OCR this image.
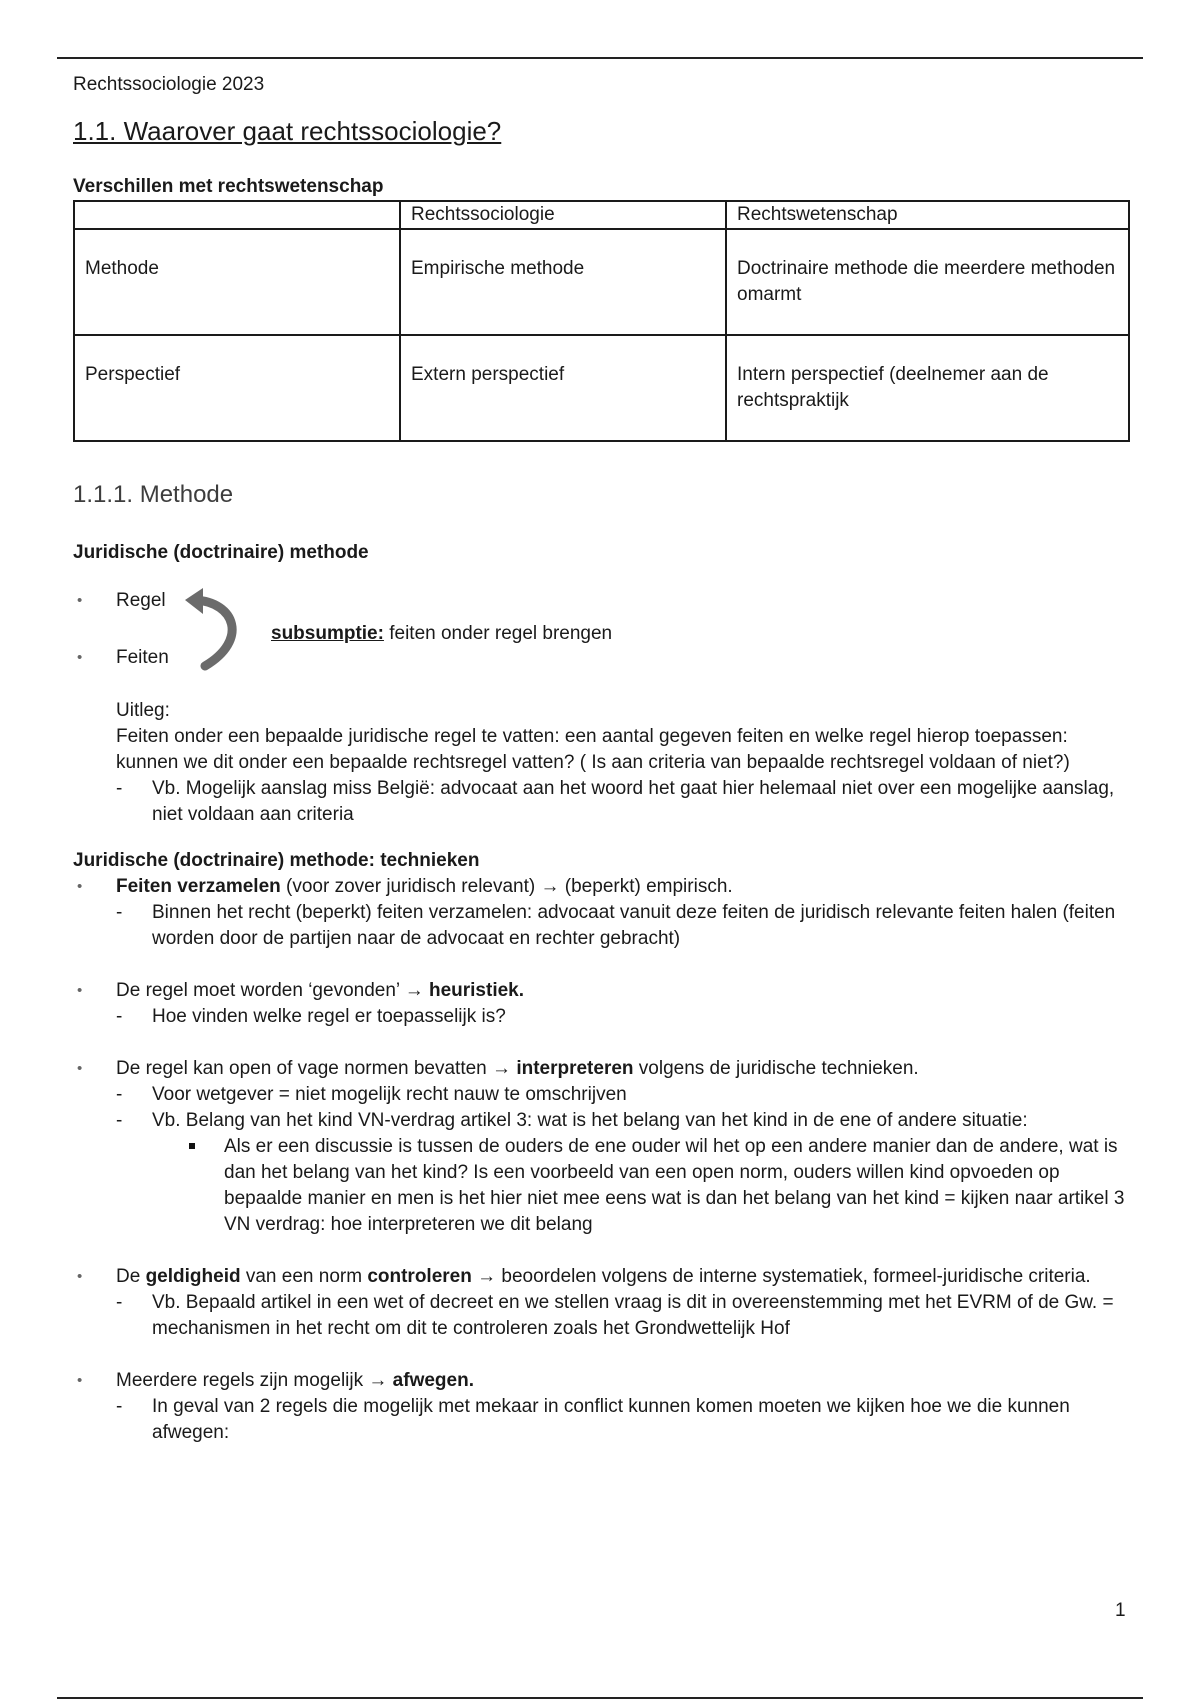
Rechtssociologie 2023

1.1. Waarover gaat rechtssociologie?

Verschillen met rechtswetenschap

	Rechtssociologie	Rechtswetenschap
Methode	Empirische methode	Doctrinaire methode die meerdere methoden omarmt
Perspectief	Extern perspectief	Intern perspectief (deelnemer aan de rechtspraktijk
1.1.1. Methode

Juridische (doctrinaire) methode

• Regel
• Feiten
subsumptie: feiten onder regel brengen
Uitleg:
Feiten onder een bepaalde juridische regel te vatten: een aantal gegeven feiten en welke regel hierop toepassen: kunnen we dit onder een bepaalde rechtsregel vatten? ( Is aan criteria van bepaalde rechtsregel voldaan of niet?)
- Vb. Mogelijk aanslag miss België: advocaat aan het woord het gaat hier helemaal niet over een mogelijke aanslag, niet voldaan aan criteria

Juridische (doctrinaire) methode: technieken

• Feiten verzamelen (voor zover juridisch relevant) → (beperkt) empirisch.
- Binnen het recht (beperkt) feiten verzamelen: advocaat vanuit deze feiten de juridisch relevante feiten halen (feiten worden door de partijen naar de advocaat en rechter gebracht)
• De regel moet worden ‘gevonden’ → heuristiek.
- Hoe vinden welke regel er toepasselijk is?
• De regel kan open of vage normen bevatten → interpreteren volgens de juridische technieken.
- Voor wetgever = niet mogelijk recht nauw te omschrijven
- Vb. Belang van het kind VN-verdrag artikel 3: wat is het belang van het kind in de ene of andere situatie:
Als er een discussie is tussen de ouders de ene ouder wil het op een andere manier dan de andere, wat is dan het belang van het kind? Is een voorbeeld van een open norm, ouders willen kind opvoeden op bepaalde manier en men is het hier niet mee eens wat is dan het belang van het kind = kijken naar artikel 3 VN verdrag: hoe interpreteren we dit belang
• De geldigheid van een norm controleren → beoordelen volgens de interne systematiek, formeel-juridische criteria.
- Vb. Bepaald artikel in een wet of decreet en we stellen vraag is dit in overeenstemming met het EVRM of de Gw. = mechanismen in het recht om dit te controleren zoals het Grondwettelijk Hof
• Meerdere regels zijn mogelijk → afwegen.
- In geval van 2 regels die mogelijk met mekaar in conflict kunnen komen moeten we kijken hoe we die kunnen afwegen:
1
